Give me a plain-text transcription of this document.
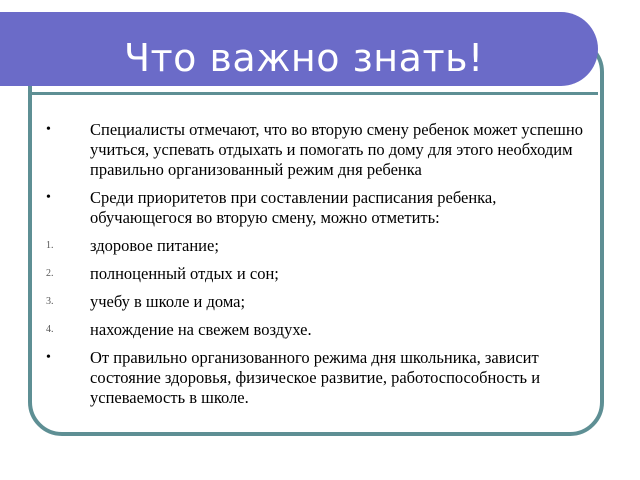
Что важно знать!
•	Специалисты отмечают, что во вторую смену ребенок может успешно учиться, успевать отдыхать и помогать по дому для этого необходим правильно организованный режим дня ребенка
•	Среди приоритетов при составлении расписания ребенка, обучающегося во вторую смену, можно отметить:
1.	здоровое питание;
2.	полноценный отдых и сон;
3.	учебу в школе и дома;
4.	нахождение на свежем воздухе.
•	От правильно организованного режима дня школьника, зависит состояние здоровья, физическое развитие, работоспособность и успеваемость в школе.
